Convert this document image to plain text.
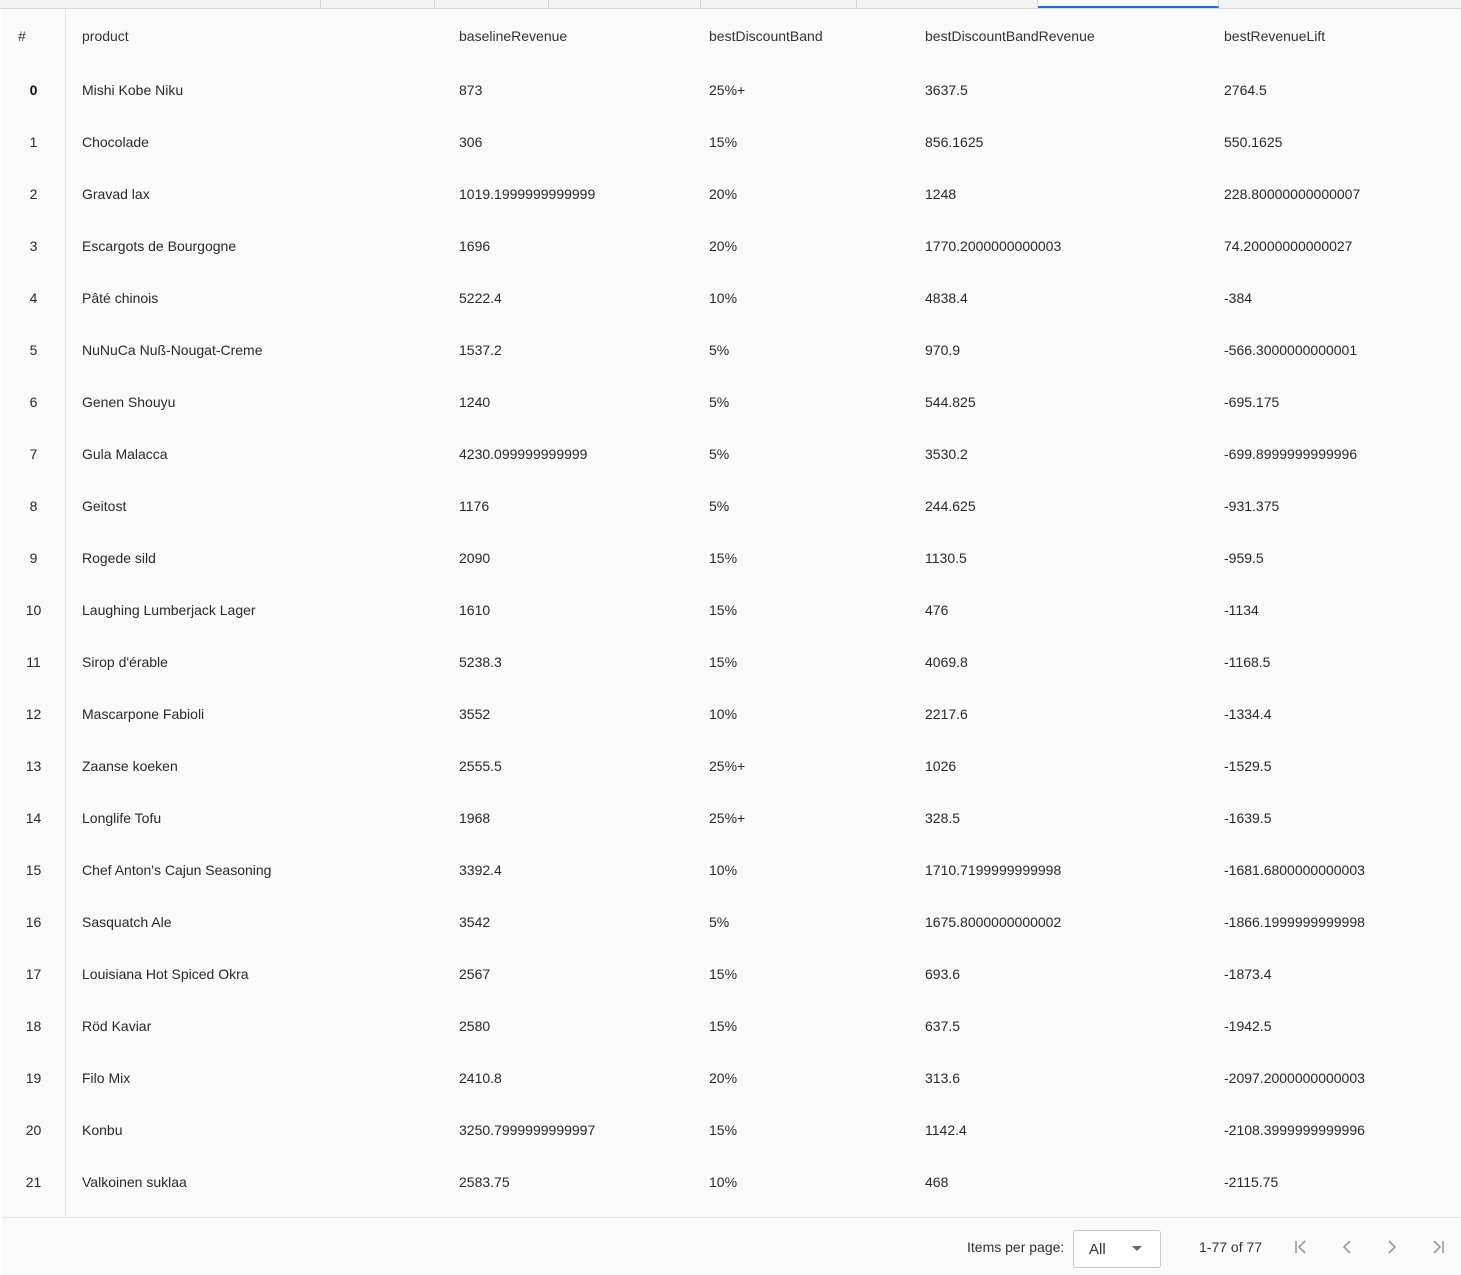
#	product	baselineRevenue	bestDiscountBand	bestDiscountBandRevenue	bestRevenueLift
0	Mishi Kobe Niku	873	25%+	3637.5	2764.5
1	Chocolade	306	15%	856.1625	550.1625
2	Gravad lax	1019.1999999999999	20%	1248	228.80000000000007
3	Escargots de Bourgogne	1696	20%	1770.2000000000003	74.20000000000027
4	Pâté chinois	5222.4	10%	4838.4	-384
5	NuNuCa Nuß-Nougat-Creme	1537.2	5%	970.9	-566.3000000000001
6	Genen Shouyu	1240	5%	544.825	-695.175
7	Gula Malacca	4230.099999999999	5%	3530.2	-699.8999999999996
8	Geitost	1176	5%	244.625	-931.375
9	Rogede sild	2090	15%	1130.5	-959.5
10	Laughing Lumberjack Lager	1610	15%	476	-1134
11	Sirop d'érable	5238.3	15%	4069.8	-1168.5
12	Mascarpone Fabioli	3552	10%	2217.6	-1334.4
13	Zaanse koeken	2555.5	25%+	1026	-1529.5
14	Longlife Tofu	1968	25%+	328.5	-1639.5
15	Chef Anton's Cajun Seasoning	3392.4	10%	1710.7199999999998	-1681.6800000000003
16	Sasquatch Ale	3542	5%	1675.8000000000002	-1866.1999999999998
17	Louisiana Hot Spiced Okra	2567	15%	693.6	-1873.4
18	Röd Kaviar	2580	15%	637.5	-1942.5
19	Filo Mix	2410.8	20%	313.6	-2097.2000000000003
20	Konbu	3250.7999999999997	15%	1142.4	-2108.3999999999996
21	Valkoinen suklaa	2583.75	10%	468	-2115.75
Items per page: All	1-77 of 77
